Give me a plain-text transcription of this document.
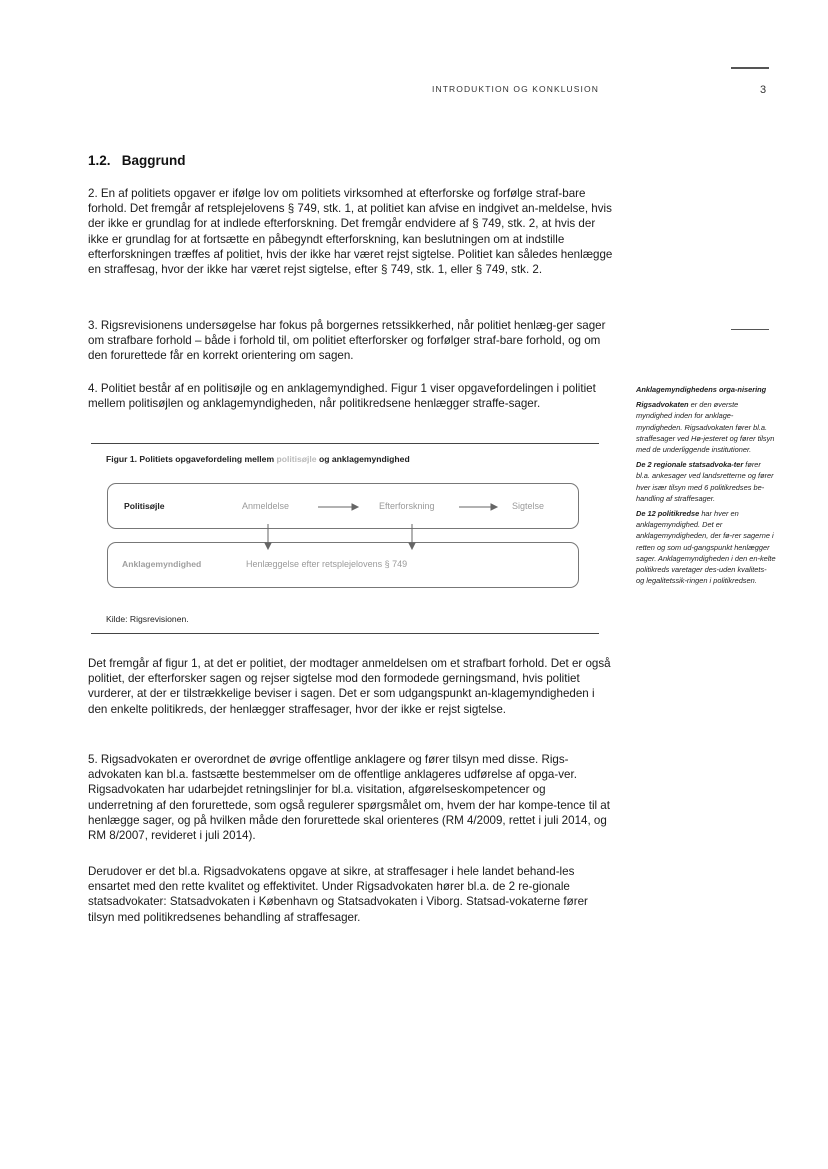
INTRODUKTION OG KONKLUSION	3
1.2. Baggrund

2. En af politiets opgaver er ifølge lov om politiets virksomhed at efterforske og forfølge straf-bare forhold. Det fremgår af retsplejelovens § 749, stk. 1, at politiet kan afvise en indgivet an-meldelse, hvis der ikke er grundlag for at indlede efterforskning. Det fremgår endvidere af § 749, stk. 2, at hvis der ikke er grundlag for at fortsætte en påbegyndt efterforskning, kan beslutningen om at indstille efterforskningen træffes af politiet, hvis der ikke har været rejst sigtelse. Politiet kan således henlægge en straffesag, hvor der ikke har været rejst sigtelse, efter § 749, stk. 1, eller § 749, stk. 2.

3. Rigsrevisionens undersøgelse har fokus på borgernes retssikkerhed, når politiet henlæg-ger sager om strafbare forhold – både i forhold til, om politiet efterforsker og forfølger straf-bare forhold, og om den forurettede får en korrekt orientering om sagen.

4. Politiet består af en politisøjle og en anklagemyndighed. Figur 1 viser opgavefordelingen i politiet mellem politisøjlen og anklagemyndigheden, når politikredsene henlægger straffe-sager.

Figur 1. Politiets opgavefordeling mellem politisøjle og anklagemyndighed
Politisøjle
Anklagemyndighed
Anmeldelse	Efterforskning	Sigtelse
Henlæggelse efter retsplejelovens § 749
Kilde: Rigsrevisionen.

Det fremgår af figur 1, at det er politiet, der modtager anmeldelsen om et strafbart forhold. Det er også politiet, der efterforsker sagen og rejser sigtelse mod den formodede gerningsmand, hvis politiet vurderer, at der er tilstrækkelige beviser i sagen. Det er som udgangspunkt an-klagemyndigheden i den enkelte politikreds, der henlægger straffesager, hvor der ikke er rejst sigtelse.

5. Rigsadvokaten er overordnet de øvrige offentlige anklagere og fører tilsyn med disse. Rigs-advokaten kan bl.a. fastsætte bestemmelser om de offentlige anklageres udførelse af opga-ver. Rigsadvokaten har udarbejdet retningslinjer for bl.a. visitation, afgørelseskompetencer og underretning af den forurettede, som også regulerer spørgsmålet om, hvem der har kompe-tence til at henlægge sager, og på hvilken måde den forurettede skal orienteres (RM 4/2009, rettet i juli 2014, og RM 8/2007, revideret i juli 2014).

Derudover er det bl.a. Rigsadvokatens opgave at sikre, at straffesager i hele landet behand-les ensartet med den rette kvalitet og effektivitet. Under Rigsadvokaten hører bl.a. de 2 re-gionale statsadvokater: Statsadvokaten i København og Statsadvokaten i Viborg. Statsad-vokaterne fører tilsyn med politikredsenes behandling af straffesager.

Anklagemyndighedens orga-nisering

Rigsadvokaten er den øverste myndighed inden for anklage-myndigheden. Rigsadvokaten fører bl.a. straffesager ved Hø-jesteret og fører tilsyn med de underliggende institutioner.

De 2 regionale statsadvoka-ter fører bl.a. ankesager ved landsretterne og fører hver især tilsyn med 6 politikredses be-handling af straffesager.

De 12 politikredse har hver en anklagemyndighed. Det er anklagemyndigheden, der fø-rer sagerne i retten og som ud-gangspunkt henlægger sager. Anklagemyndigheden i den en-kelte politikreds varetager des-uden kvalitets- og legalitetssik-ringen i politikredsen.
